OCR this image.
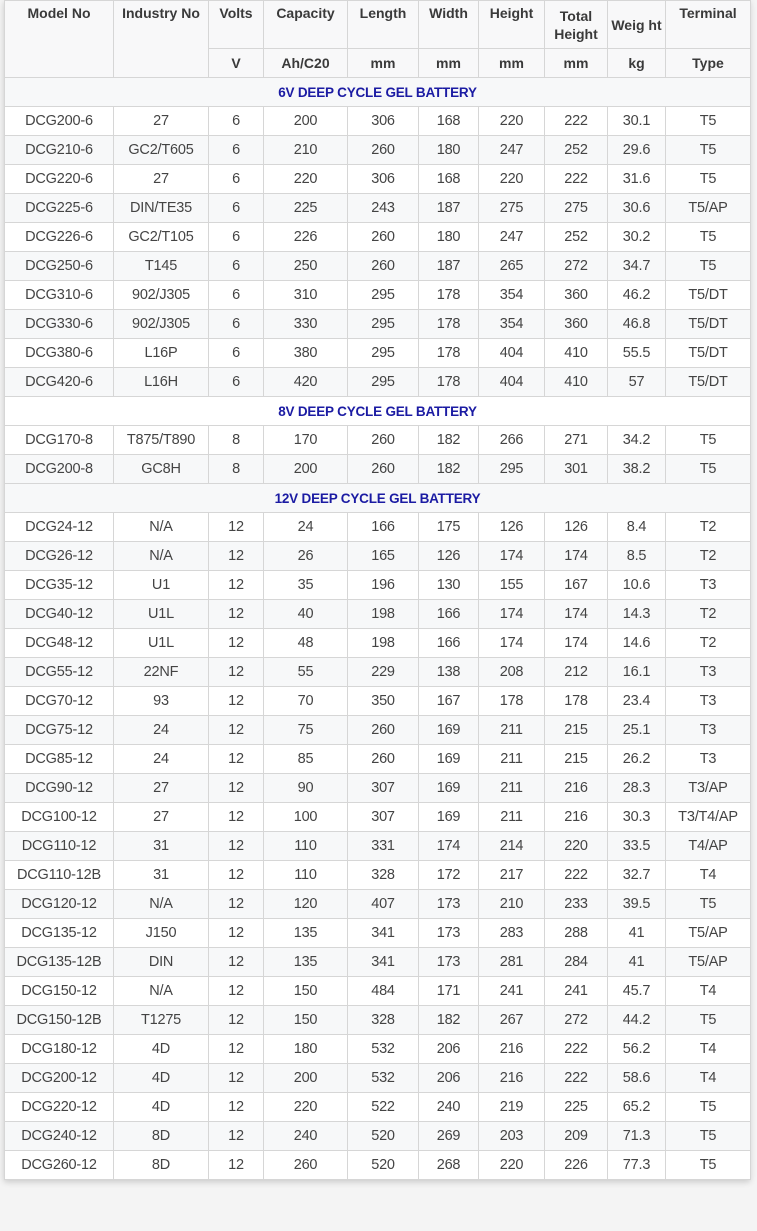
Model No	Industry No	Volts	Capacity	Length	Width	Height	Total Height	Weig ht	Terminal
		V	Ah/C20	mm	mm	mm	mm	kg	Type
6V DEEP CYCLE GEL BATTERY									
DCG200-6	27	6	200	306	168	220	222	30.1	T5
DCG210-6	GC2/T605	6	210	260	180	247	252	29.6	T5
DCG220-6	27	6	220	306	168	220	222	31.6	T5
DCG225-6	DIN/TE35	6	225	243	187	275	275	30.6	T5/AP
DCG226-6	GC2/T105	6	226	260	180	247	252	30.2	T5
DCG250-6	T145	6	250	260	187	265	272	34.7	T5
DCG310-6	902/J305	6	310	295	178	354	360	46.2	T5/DT
DCG330-6	902/J305	6	330	295	178	354	360	46.8	T5/DT
DCG380-6	L16P	6	380	295	178	404	410	55.5	T5/DT
DCG420-6	L16H	6	420	295	178	404	410	57	T5/DT
8V DEEP CYCLE GEL BATTERY									
DCG170-8	T875/T890	8	170	260	182	266	271	34.2	T5
DCG200-8	GC8H	8	200	260	182	295	301	38.2	T5
12V DEEP CYCLE GEL BATTERY									
DCG24-12	N/A	12	24	166	175	126	126	8.4	T2
DCG26-12	N/A	12	26	165	126	174	174	8.5	T2
DCG35-12	U1	12	35	196	130	155	167	10.6	T3
DCG40-12	U1L	12	40	198	166	174	174	14.3	T2
DCG48-12	U1L	12	48	198	166	174	174	14.6	T2
DCG55-12	22NF	12	55	229	138	208	212	16.1	T3
DCG70-12	93	12	70	350	167	178	178	23.4	T3
DCG75-12	24	12	75	260	169	211	215	25.1	T3
DCG85-12	24	12	85	260	169	211	215	26.2	T3
DCG90-12	27	12	90	307	169	211	216	28.3	T3/AP
DCG100-12	27	12	100	307	169	211	216	30.3	T3/T4/AP
DCG110-12	31	12	110	331	174	214	220	33.5	T4/AP
DCG110-12B	31	12	110	328	172	217	222	32.7	T4
DCG120-12	N/A	12	120	407	173	210	233	39.5	T5
DCG135-12	J150	12	135	341	173	283	288	41	T5/AP
DCG135-12B	DIN	12	135	341	173	281	284	41	T5/AP
DCG150-12	N/A	12	150	484	171	241	241	45.7	T4
DCG150-12B	T1275	12	150	328	182	267	272	44.2	T5
DCG180-12	4D	12	180	532	206	216	222	56.2	T4
DCG200-12	4D	12	200	532	206	216	222	58.6	T4
DCG220-12	4D	12	220	522	240	219	225	65.2	T5
DCG240-12	8D	12	240	520	269	203	209	71.3	T5
DCG260-12	8D	12	260	520	268	220	226	77.3	T5
